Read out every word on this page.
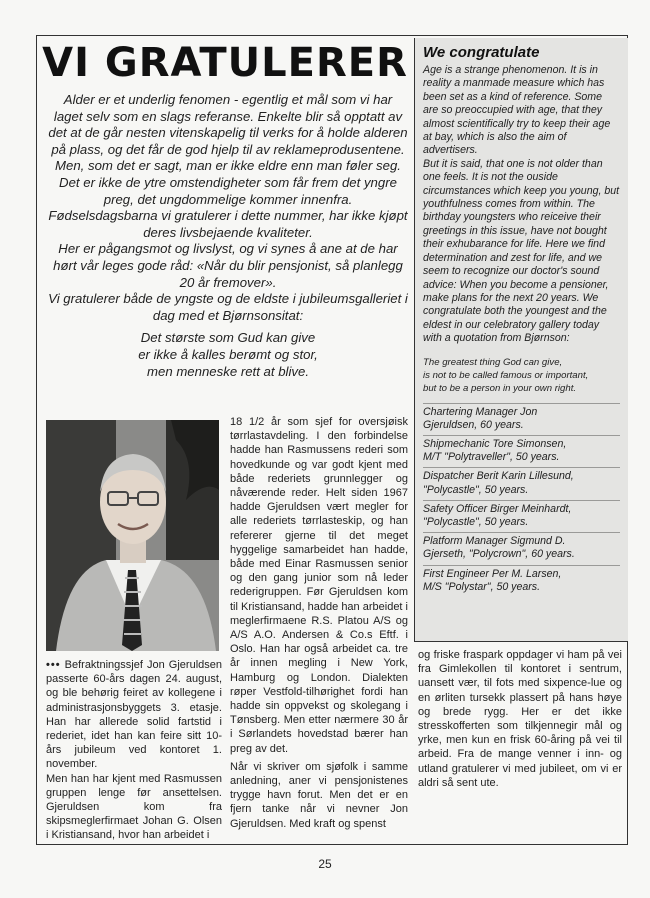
VI GRATULERER

Alder er et underlig fenomen - egentlig et mål som vi har laget selv som en slags referanse. Enkelte blir så opptatt av det at de går nesten vitenskapelig til verks for å holde alderen på plass, og det får de god hjelp til av reklameprodusentene.

Men, som det er sagt, man er ikke eldre enn man føler seg. Det er ikke de ytre omstendigheter som får frem det yngre preg, det ungdommelige kommer innenfra. Fødselsdagsbarna vi gratulerer i dette nummer, har ikke kjøpt deres livsbejaende kvaliteter.

Her er pågangsmot og livslyst, og vi synes å ane at de har hørt vår leges gode råd: «Når du blir pensjonist, så planlegg 20 år fremover».

Vi gratulerer både de yngste og de eldste i jubileumsgalleriet i dag med et Bjørnsonsitat:

Det største som Gud kan give

er ikke å kalles berømt og stor,

men menneske rett at blive.

We congratulate

Age is a strange phenomenon. It is in reality a manmade measure which has been set as a kind of reference. Some are so preoccupied with age, that they almost scientifically try to keep their age at bay, which is also the aim of advertisers.

But it is said, that one is not older than one feels. It is not the ouside circumstances which keep you young, but youthfulness comes from within. The birthday youngsters who reiceive their greetings in this issue, have not bought their exhubarance for life. Here we find determination and zest for life, and we seem to recognize our doctor's sound advice: When you become a pensioner, make plans for the next 20 years. We congratulate both the youngest and the eldest in our celebratory gallery today with a quotation from Bjørnson:

The greatest thing God can give,
is not to be called famous or important,
but to be a person in your own right.
Chartering Manager Jon
Gjeruldsen, 60 years.
Shipmechanic Tore Simonsen,
M/T "Polytraveller", 50 years.
Dispatcher Berit Karin Lillesund,
"Polycastle", 50 years.
Safety Officer Birger Meinhardt,
"Polycastle", 50 years.
Platform Manager Sigmund D.
Gjerseth, "Polycrown", 60 years.
First Engineer Per M. Larsen,
M/S "Polystar", 50 years.

••• Befraktningssjef Jon Gjeruldsen passerte 60-års dagen 24. august, og ble behørig feiret av kollegene i administrasjonsbyggets 3. etasje. Han har allerede solid fartstid i rederiet, idet han kan feire sitt 10-års jubileum ved kontoret 1. november.

Men han har kjent med Rasmussen gruppen lenge før ansettelsen. Gjeruldsen kom fra skipsmeglerfirmaet Johan G. Olsen i Kristiansand, hvor han arbeidet i

18 1/2 år som sjef for oversjøisk tørrlastavdeling. I den forbindelse hadde han Rasmussens rederi som hovedkunde og var godt kjent med både rederiets grunnlegger og nåværende reder. Helt siden 1967 hadde Gjeruldsen vært megler for alle rederiets tørrlasteskip, og han refererer gjerne til det meget hyggelige samarbeidet han hadde, både med Einar Rasmussen senior og den gang junior som nå leder rederigruppen. Før Gjeruldsen kom til Kristiansand, hadde han arbeidet i meglerfirmaene R.S. Platou A/S og A/S A.O. Andersen & Co.s Eftf. i Oslo. Han har også arbeidet ca. tre år innen megling i New York, Hamburg og London. Dialekten røper Vestfold-tilhørighet fordi han hadde sin oppvekst og skolegang i Tønsberg. Men etter nærmere 30 år i Sørlandets hovedstad bærer han preg av det.

Når vi skriver om sjøfolk i samme anledning, aner vi pensjonistenes trygge havn forut. Men det er en fjern tanke når vi nevner Jon Gjeruldsen. Med kraft og spenst

og friske fraspark oppdager vi ham på vei fra Gimlekollen til kontoret i sentrum, uansett vær, til fots med sixpence-lue og en ørliten tursekk plassert på hans høye og brede rygg. Her er det ikke stresskofferten som tilkjennegir mål og yrke, men kun en frisk 60-åring på vei til arbeid. Fra de mange venner i inn- og utland gratulerer vi med jubileet, om vi er aldri så sent ute.

25
